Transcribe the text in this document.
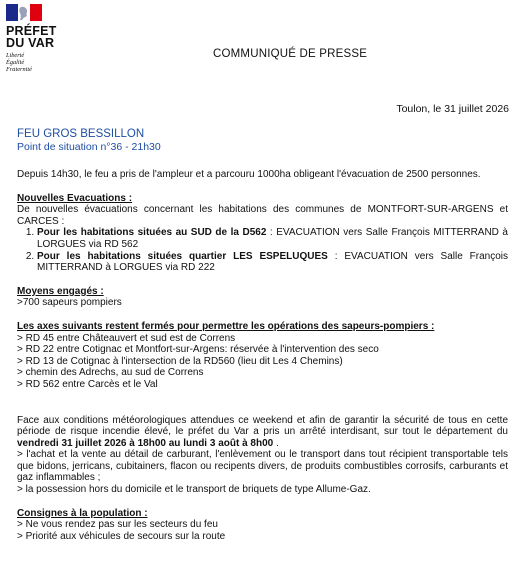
PRÉFET
DU VAR
Liberté
Égalité
Fraternité
COMMUNIQUÉ DE PRESSE
Toulon, le 31 juillet 2026
FEU GROS BESSILLON
Point de situation n°36 - 21h30

Depuis 14h30, le feu a pris de l'ampleur et a parcouru 1000ha obligeant l'évacuation de 2500 personnes.

Nouvelles Evacuations :
De nouvelles évacuations concernant les habitations des communes de MONTFORT-SUR-ARGENS et CARCES :
1. Pour les habitations situées au SUD de la D562 : EVACUATION vers Salle François MITTERRAND à LORGUES via RD 562
2. Pour les habitations situées quartier LES ESPELUQUES : EVACUATION vers Salle François MITTERRAND à LORGUES via RD 222
Moyens engagés :
>700 sapeurs pompiers
Les axes suivants restent fermés pour permettre les opérations des sapeurs-pompiers :
> RD 45 entre Châteauvert et sud est de Correns
> RD 22 entre Cotignac et Montfort-sur-Argens: réservée à l'intervention des seco
> RD 13 de Cotignac à l'intersection de la RD560 (lieu dit Les 4 Chemins)
> chemin des Adrechs, au sud de Correns
> RD 562 entre Carcès et le Val
Face aux conditions météorologiques attendues ce weekend et afin de garantir la sécurité de tous en cette période de risque incendie élevé, le préfet du Var a pris un arrêté interdisant, sur tout le département du vendredi 31 juillet 2026 à 18h00 au lundi 3 août à 8h00 .
> l'achat et la vente au détail de carburant, l'enlèvement ou le transport dans tout récipient transportable tels que bidons, jerricans, cubitainers, flacon ou recipents divers, de produits combustibles corrosifs, carburants et gaz inflammables ;
> la possession hors du domicile et le transport de briquets de type Allume-Gaz.
Consignes à la population :
> Ne vous rendez pas sur les secteurs du feu
> Priorité aux véhicules de secours sur la route
